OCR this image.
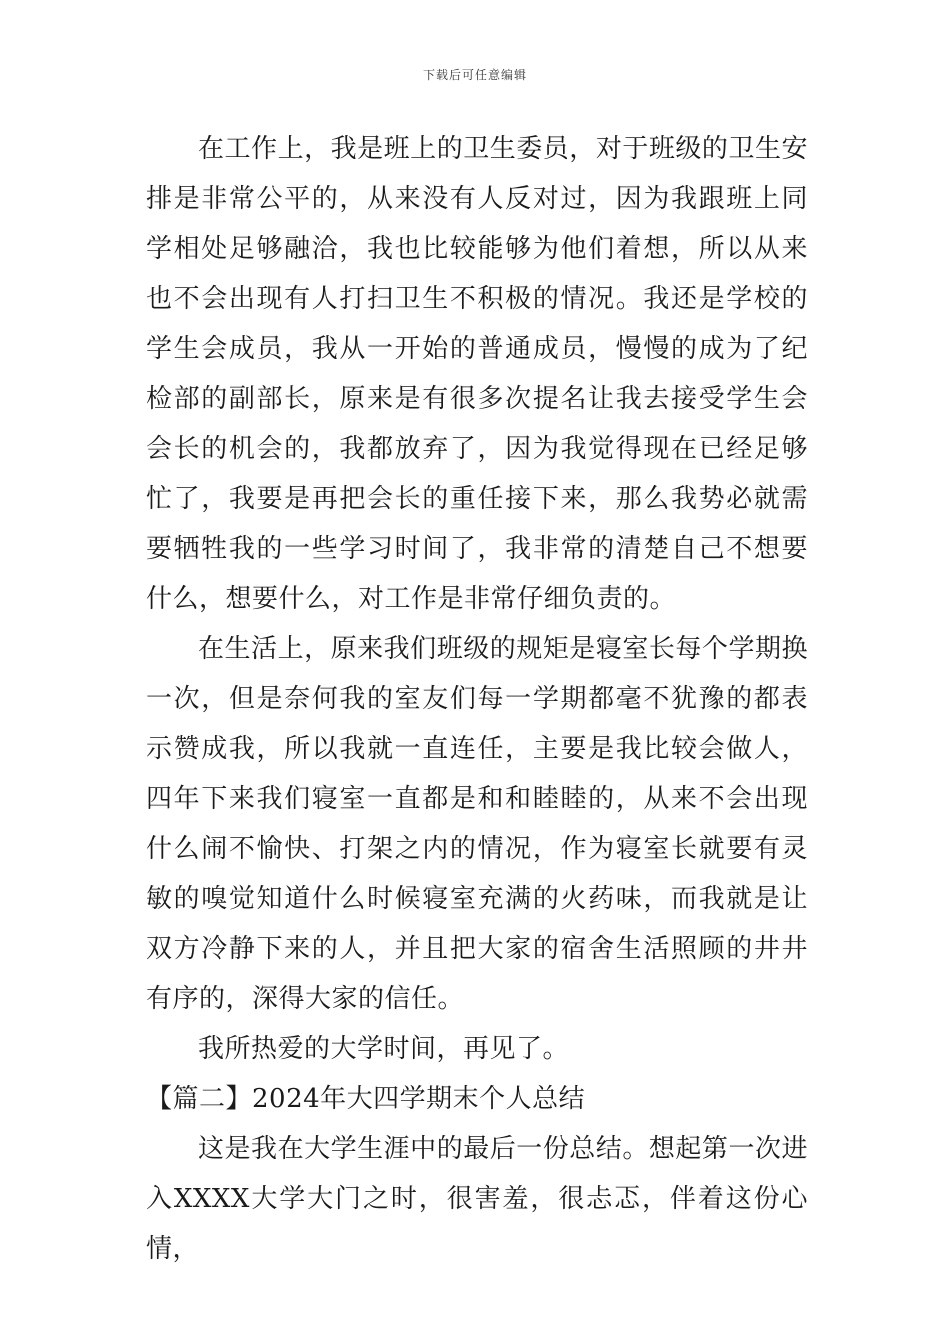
下载后可任意编辑

在工作上，我是班上的卫生委员，对于班级的卫生安排是非常公平的，从来没有人反对过，因为我跟班上同学相处足够融洽，我也比较能够为他们着想，所以从来也不会出现有人打扫卫生不积极的情况。我还是学校的学生会成员，我从一开始的普通成员，慢慢的成为了纪检部的副部长，原来是有很多次提名让我去接受学生会会长的机会的，我都放弃了，因为我觉得现在已经足够忙了，我要是再把会长的重任接下来，那么我势必就需要牺牲我的一些学习时间了，我非常的清楚自己不想要什么，想要什么，对工作是非常仔细负责的。

在生活上，原来我们班级的规矩是寝室长每个学期换一次，但是奈何我的室友们每一学期都毫不犹豫的都表示赞成我，所以我就一直连任，主要是我比较会做人，四年下来我们寝室一直都是和和睦睦的，从来不会出现什么闹不愉快、打架之内的情况，作为寝室长就要有灵敏的嗅觉知道什么时候寝室充满的火药味，而我就是让双方冷静下来的人，并且把大家的宿舍生活照顾的井井有序的，深得大家的信任。

我所热爱的大学时间，再见了。

【篇二】2024年大四学期末个人总结

这是我在大学生涯中的最后一份总结。想起第一次进入XXXX大学大门之时，很害羞，很忐忑，伴着这份心情，
